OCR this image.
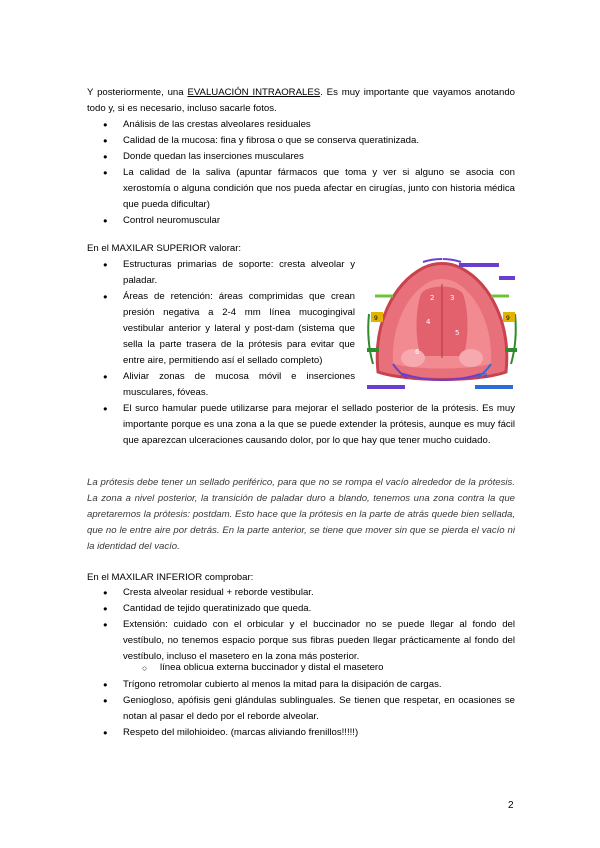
Y posteriormente, una EVALUACIÓN INTRAORALES. Es muy importante que vayamos anotando todo y, si es necesario, incluso sacarle fotos.
● Análisis de las crestas alveolares residuales
● Calidad de la mucosa: fina y fibrosa o que se conserva queratinizada.
● Donde quedan las inserciones musculares
● La calidad de la saliva (apuntar fármacos que toma y ver si alguno se asocia con xerostomía o alguna condición que nos pueda afectar en cirugías, junto con historia médica que pueda dificultar)
● Control neuromuscular
En el MAXILAR SUPERIOR valorar:
● Estructuras primarias de soporte: cresta alveolar y paladar.
● Áreas de retención: áreas comprimidas que crean presión negativa a 2-4 mm línea mucogingival vestibular anterior y lateral y post-dam (sistema que sella la parte trasera de la prótesis para evitar que entre aire, permitiendo así el sellado completo)
● Aliviar zonas de mucosa móvil e inserciones musculares, fóveas.
● El surco hamular puede utilizarse para mejorar el sellado posterior de la prótesis. Es muy importante porque es una zona a la que se puede extender la prótesis, aunque es muy fácil que aparezcan ulceraciones causando dolor, por lo que hay que tener mucho cuidado.
1
2 3
4
5
6
7	8
9	9
La prótesis debe tener un sellado periférico, para que no se rompa el vacío alrededor de la prótesis. La zona a nivel posterior, la transición de paladar duro a blando, tenemos una zona contra la que apretaremos la prótesis: postdam. Esto hace que la prótesis en la parte de atrás quede bien sellada, que no le entre aire por detrás. En la parte anterior, se tiene que mover sin que se pierda el vacío ni la identidad del vacío.
En el MAXILAR INFERIOR comprobar:
● Cresta alveolar residual + reborde vestibular.
● Cantidad de tejido queratinizado que queda.
● Extensión: cuidado con el orbicular y el buccinador no se puede llegar al fondo del vestíbulo, no tenemos espacio porque sus fibras pueden llegar prácticamente al fondo del vestíbulo, incluso el masetero en la zona más posterior.
○ línea oblicua externa buccinador y distal el masetero
● Trígono retromolar cubierto al menos la mitad para la disipación de cargas.
● Geniogloso, apófisis geni glándulas sublinguales. Se tienen que respetar, en ocasiones se notan al pasar el dedo por el reborde alveolar.
● Respeto del milohioideo. (marcas aliviando frenillos!!!!!)
2
